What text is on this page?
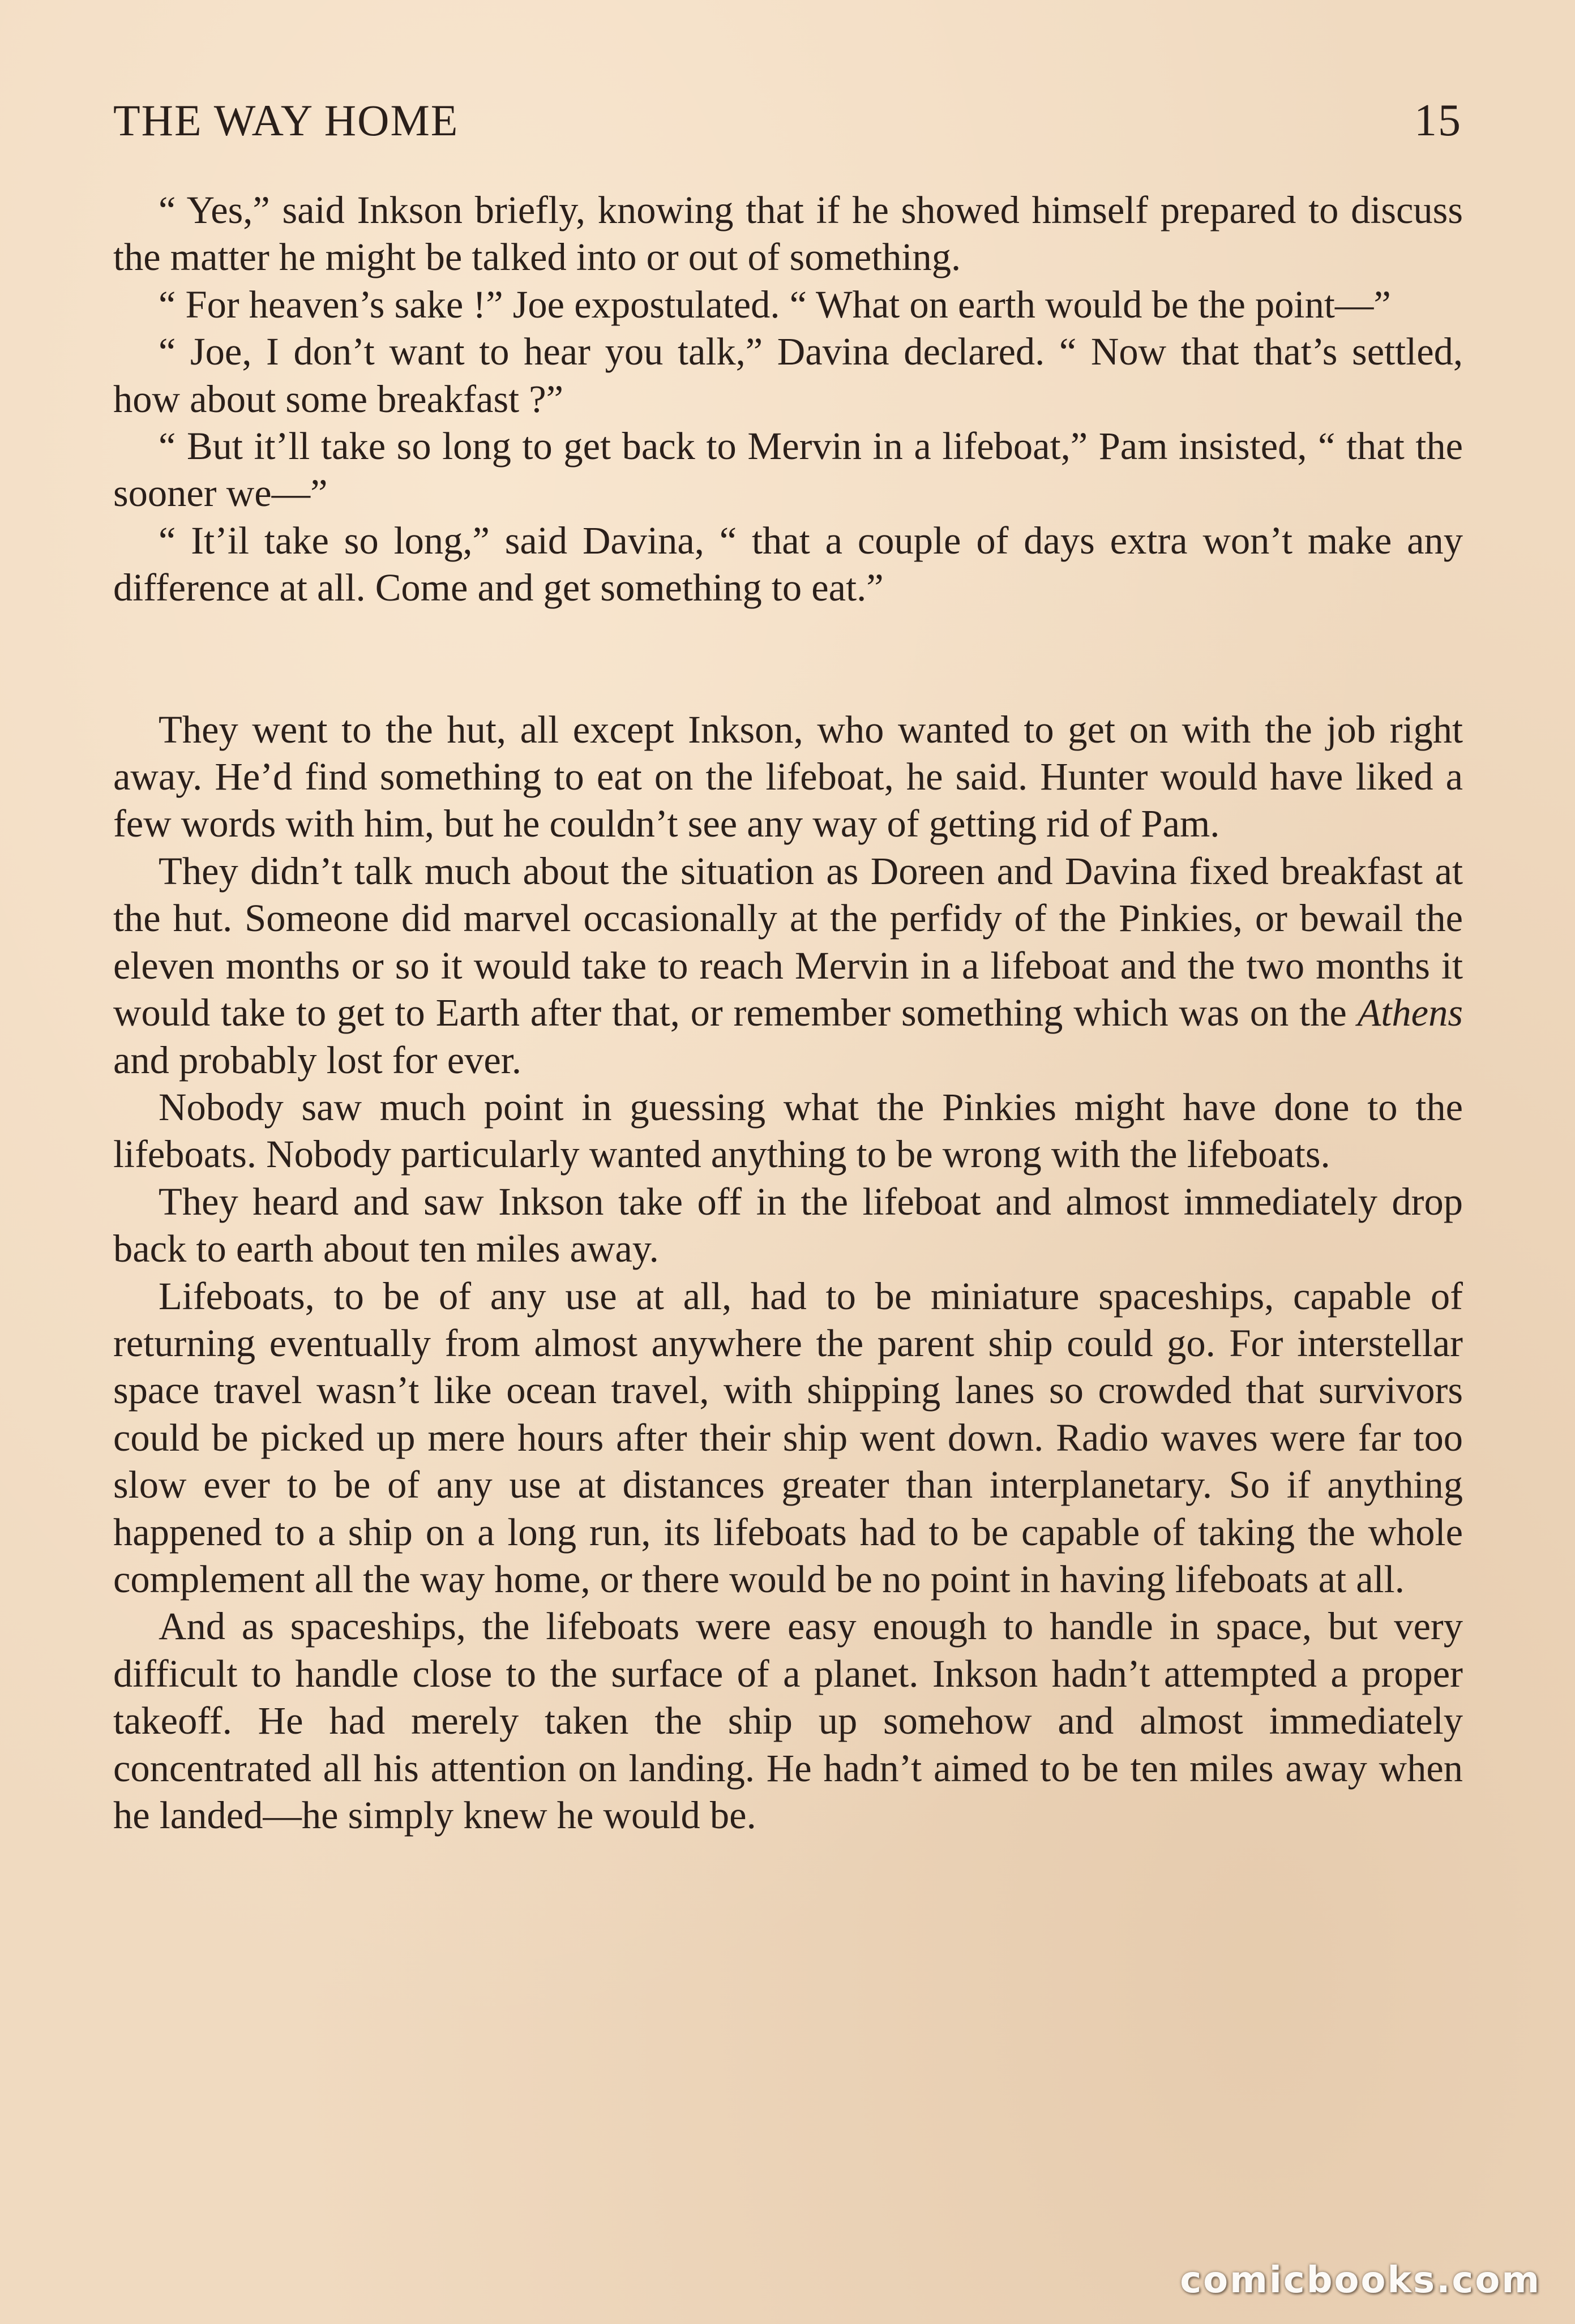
THE WAY HOME	15

“ Yes,” said Inkson briefly, knowing that if he showed himself prepared to discuss the matter he might be talked into or out of something.

“ For heaven’s sake !” Joe expostulated. “ What on earth would be the point—”

“ Joe, I don’t want to hear you talk,” Davina declared. “ Now that that’s settled, how about some breakfast ?”

“ But it’ll take so long to get back to Mervin in a lifeboat,” Pam insisted, “ that the sooner we—”

“ It’il take so long,” said Davina, “ that a couple of days extra won’t make any difference at all. Come and get something to eat.”

They went to the hut, all except Inkson, who wanted to get on with the job right away. He’d find something to eat on the lifeboat, he said. Hunter would have liked a few words with him, but he couldn’t see any way of getting rid of Pam.

They didn’t talk much about the situation as Doreen and Davina fixed breakfast at the hut. Someone did marvel occasionally at the perfidy of the Pinkies, or bewail the eleven months or so it would take to reach Mervin in a lifeboat and the two months it would take to get to Earth after that, or remember something which was on the Athens and probably lost for ever.

Nobody saw much point in guessing what the Pinkies might have done to the lifeboats. Nobody particularly wanted anything to be wrong with the lifeboats.

They heard and saw Inkson take off in the lifeboat and almost immediately drop back to earth about ten miles away.

Lifeboats, to be of any use at all, had to be miniature spaceships, capable of returning eventually from almost anywhere the parent ship could go. For interstellar space travel wasn’t like ocean travel, with shipping lanes so crowded that survivors could be picked up mere hours after their ship went down. Radio waves were far too slow ever to be of any use at distances greater than interplanetary. So if anything happened to a ship on a long run, its lifeboats had to be capable of taking the whole complement all the way home, or there would be no point in having lifeboats at all.

And as spaceships, the lifeboats were easy enough to handle in space, but very difficult to handle close to the surface of a planet. Inkson hadn’t attempted a proper takeoff. He had merely taken the ship up somehow and almost immediately concentrated all his attention on landing. He hadn’t aimed to be ten miles away when he landed—he simply knew he would be.

comicbooks.com
